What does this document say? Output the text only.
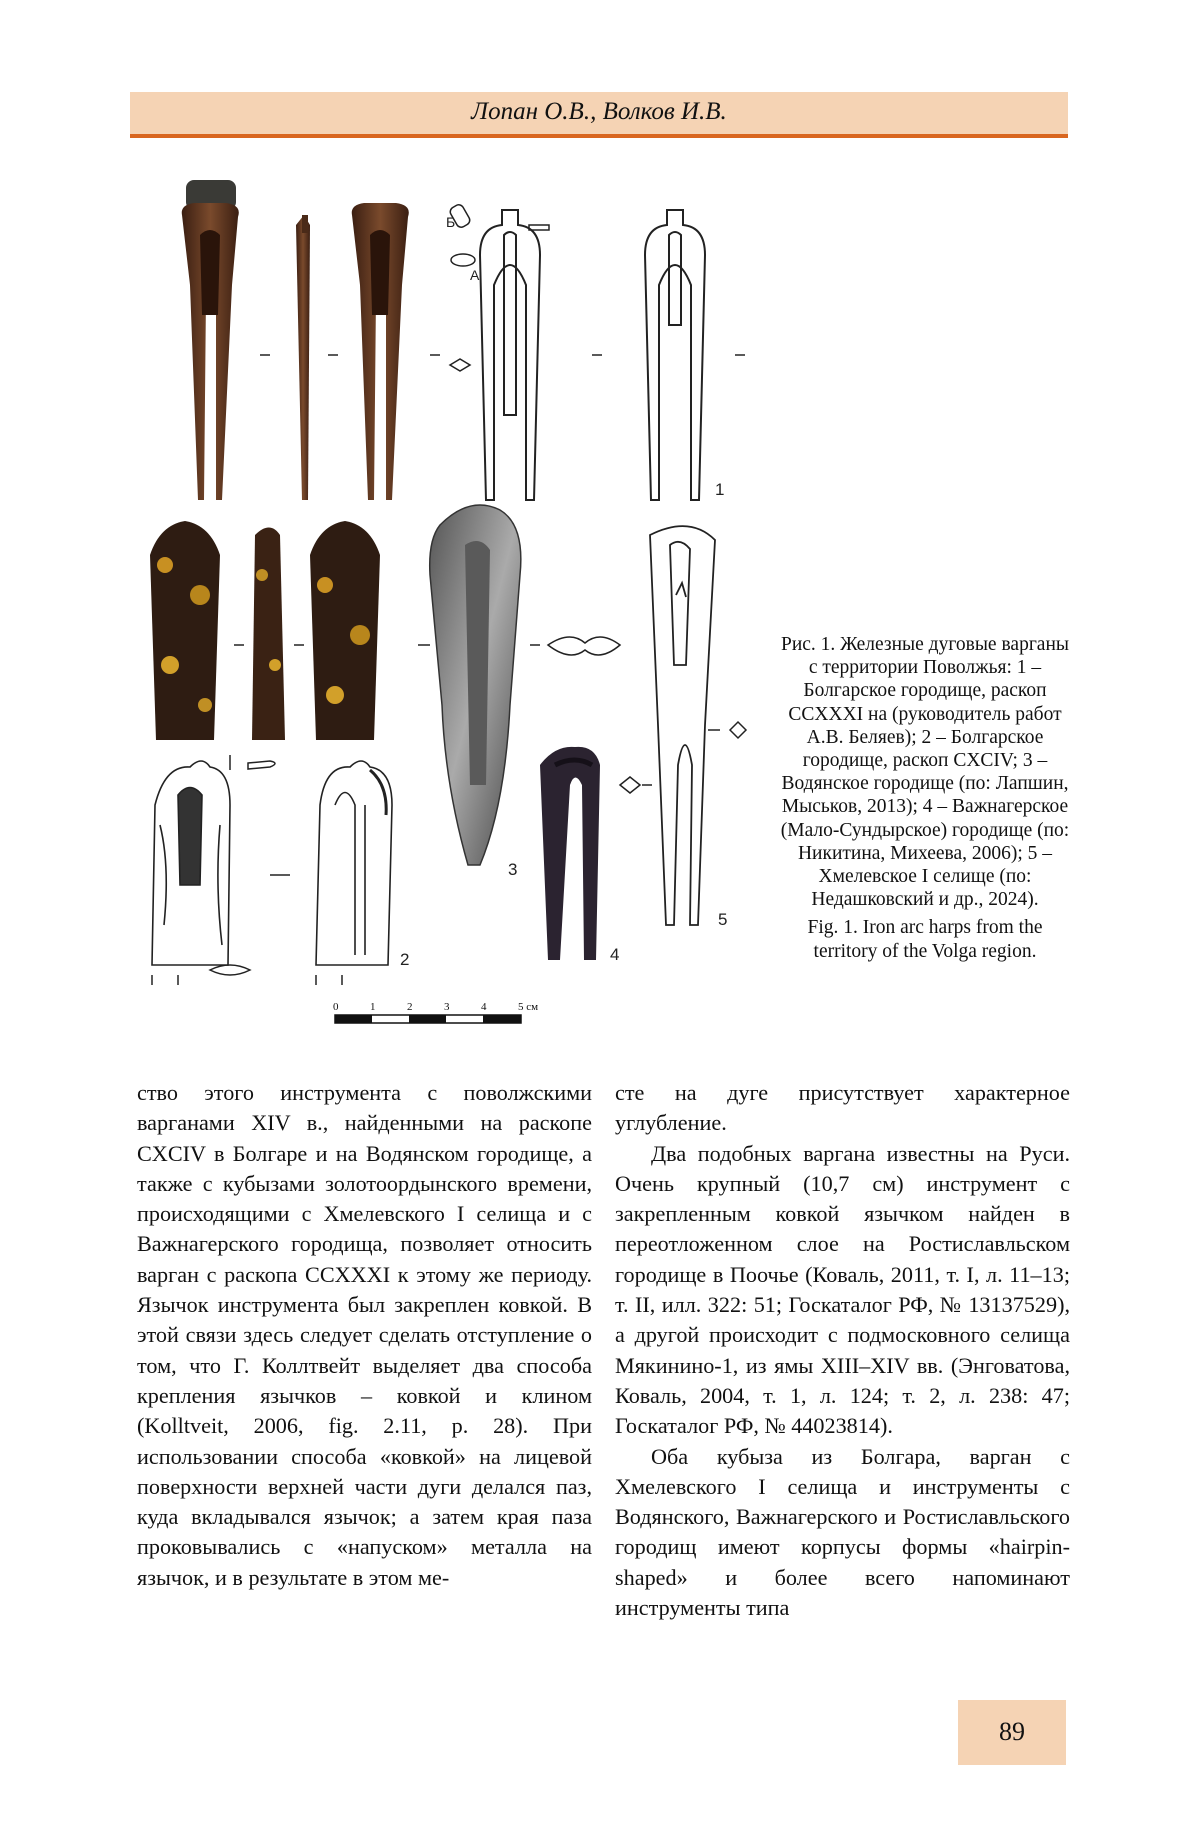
Лопан О.В., Волков И.В.
А
Б
1
2
3
4
5
0	1	2	3	4	5 см

Рис. 1. Железные дуговые варганы с территории Поволжья: 1 – Болгарское городище, раскоп CCXXXI на (руководитель работ А.В. Беляев); 2 – Болгарское городище, раскоп CXCIV; 3 – Водянское городище (по: Лапшин, Мыськов, 2013); 4 – Важнагерское (Мало-Сундырское) городище (по: Никитина, Михеева, 2006); 5 – Хмелевское I селище (по: Недашковский и др., 2024).

Fig. 1. Iron arc harps from the territory of the Volga region.

ство этого инструмента с поволжскими варганами XIV в., найденными на раскопе CXCIV в Болгаре и на Водянском городище, а также с кубызами золотоордынского времени, происходящими с Хмелевского I селища и с Важнагерского городища, позволяет относить варган с раскопа CCXXXI к этому же периоду. Язычок инструмента был закреплен ковкой. В этой связи здесь следует сделать отступление о том, что Г. Коллтвейт выделяет два способа крепления язычков – ковкой и клином (Kolltveit, 2006, fig. 2.11, p. 28). При использовании способа «ковкой» на лицевой поверхности верхней части дуги делался паз, куда вкладывался язычок; а затем края паза проковывались с «напуском» металла на язычок, и в результате в этом ме-

сте на дуге присутствует характерное углубление.

Два подобных варгана известны на Руси. Очень крупный (10,7 см) инструмент с закрепленным ковкой язычком найден в переотложенном слое на Ростиславльском городище в Поочье (Коваль, 2011, т. I, л. 11–13; т. II, илл. 322: 51; Госкаталог РФ, № 13137529), а другой происходит с подмосковного селища Мякинино-1, из ямы XIII–XIV вв. (Энговатова, Коваль, 2004, т. 1, л. 124; т. 2, л. 238: 47; Госкаталог РФ, № 44023814).

Оба кубыза из Болгара, варган с Хмелевского I селища и инструменты с Водянского, Важнагерского и Ростиславльского городищ имеют корпусы формы «hairpin-shaped» и более всего напоминают инструменты типа

89
